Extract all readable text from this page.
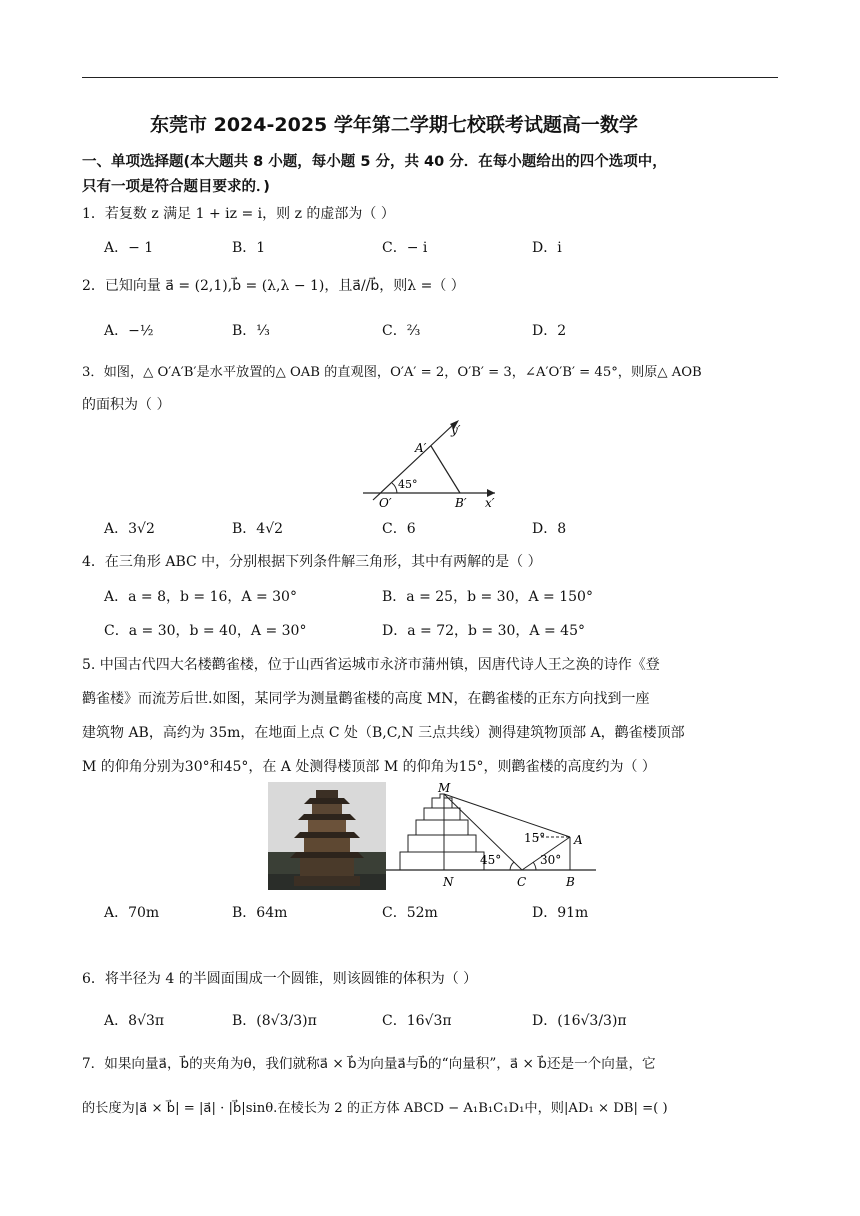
东莞市 2024-2025 学年第二学期七校联考试题高一数学
一、单项选择题(本大题共 8 小题，每小题 5 分，共 40 分．在每小题给出的四个选项中，
只有一项是符合题目要求的．)
1．若复数 z 满足 1 + iz = i，则 z 的虚部为（ ）
A．− 1	B．1	C．− i	D．i
2．已知向量 a⃗ = (2,1),b⃗ = (λ,λ − 1)，且a⃗//b⃗，则λ =（ ）
A．−½	B．⅓	C．⅔	D．2
3．如图，△ O′A′B′是水平放置的△ OAB 的直观图，O′A′ = 2，O′B′ = 3，∠A′O′B′ = 45°，则原△ AOB
的面积为（ ）
A′
y′
45°
O′	B′ x′
A．3√2	B．4√2	C．6	D．8
4．在三角形 ABC 中，分别根据下列条件解三角形，其中有两解的是（ ）
A．a = 8，b = 16，A = 30°	B．a = 25，b = 30，A = 150°
C．a = 30，b = 40，A = 30°	D．a = 72，b = 30，A = 45°
5. 中国古代四大名楼鹳雀楼，位于山西省运城市永济市蒲州镇，因唐代诗人王之涣的诗作《登
鹳雀楼》而流芳后世.如图，某同学为测量鹳雀楼的高度 MN，在鹳雀楼的正东方向找到一座
建筑物 AB，高约为 35m，在地面上点 C 处（B,C,N 三点共线）测得建筑物顶部 A，鹳雀楼顶部
M 的仰角分别为30°和45°，在 A 处测得楼顶部 M 的仰角为15°，则鹳雀楼的高度约为（ ）
M
N	C	B
A
15°
30°
45°
A．70m	B．64m	C．52m	D．91m
6．将半径为 4 的半圆面围成一个圆锥，则该圆锥的体积为（ ）
A．8√3π	B．(8√3/3)π	C．16√3π	D．(16√3/3)π
7．如果向量a⃗，b⃗的夹角为θ，我们就称a⃗ × b⃗为向量a⃗与b⃗的“向量积”，a⃗ × b⃗还是一个向量，它
的长度为|a⃗ × b⃗| = |a⃗| · |b⃗|sinθ.在棱长为 2 的正方体 ABCD − A₁B₁C₁D₁中，则|AD₁ × DB| =( )
